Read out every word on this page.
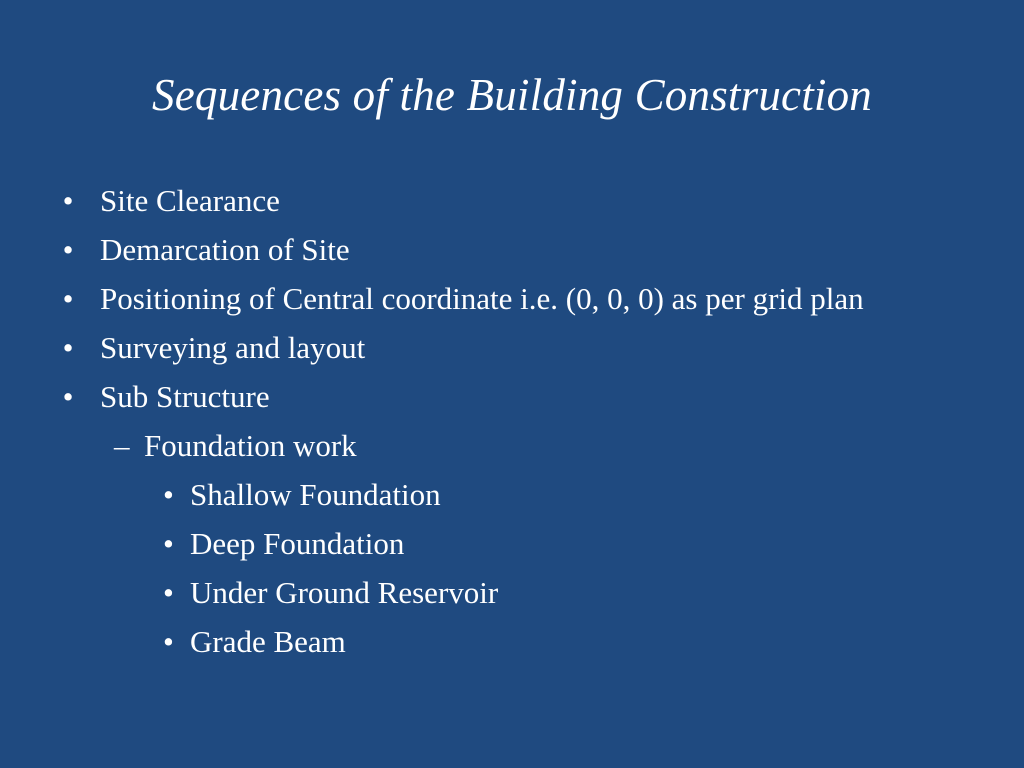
Sequences of the Building Construction
• Site Clearance
• Demarcation of Site
• Positioning of Central coordinate i.e. (0, 0, 0) as per grid plan
• Surveying and layout
• Sub Structure
– Foundation work
• Shallow Foundation
• Deep Foundation
• Under Ground Reservoir
• Grade Beam
